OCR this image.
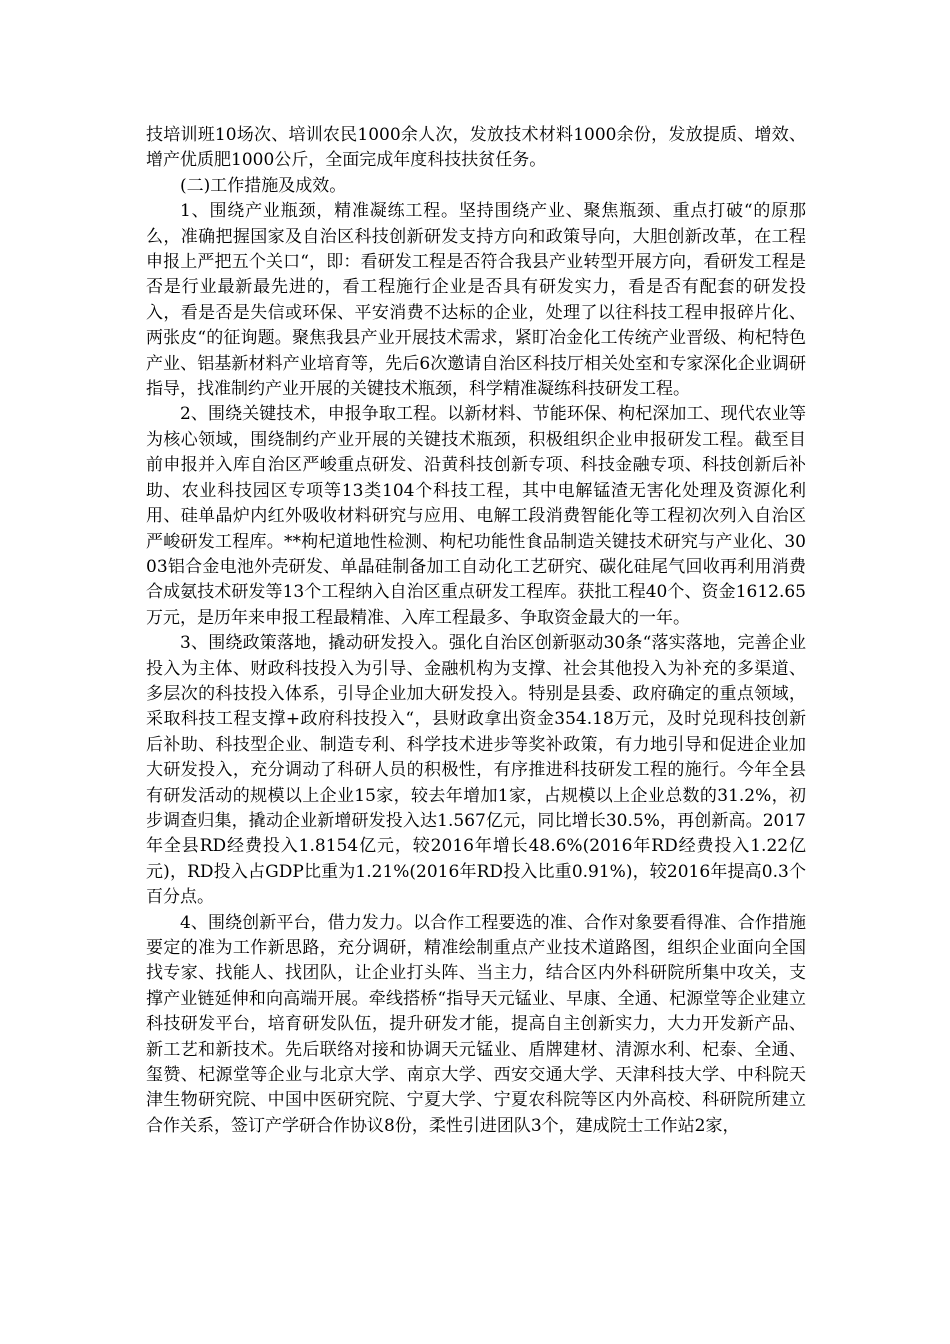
技培训班10场次、培训农民1000余人次，发放技术材料1000余份，发放提质、增效、增产优质肥1000公斤，全面完成年度科技扶贫任务。

(二)工作措施及成效。

1、围绕产业瓶颈，精准凝练工程。坚持围绕产业、聚焦瓶颈、重点打破“的原那么，准确把握国家及自治区科技创新研发支持方向和政策导向，大胆创新改革，在工程申报上严把五个关口“，即：看研发工程是否符合我县产业转型开展方向，看研发工程是否是行业最新最先进的，看工程施行企业是否具有研发实力，看是否有配套的研发投入，看是否是失信或环保、平安消费不达标的企业，处理了以往科技工程申报碎片化、两张皮“的征询题。聚焦我县产业开展技术需求，紧盯冶金化工传统产业晋级、枸杞特色产业、铝基新材料产业培育等，先后6次邀请自治区科技厅相关处室和专家深化企业调研指导，找准制约产业开展的关键技术瓶颈，科学精准凝练科技研发工程。

2、围绕关键技术，申报争取工程。以新材料、节能环保、枸杞深加工、现代农业等为核心领域，围绕制约产业开展的关键技术瓶颈，积极组织企业申报研发工程。截至目前申报并入库自治区严峻重点研发、沿黄科技创新专项、科技金融专项、科技创新后补助、农业科技园区专项等13类104个科技工程，其中电解锰渣无害化处理及资源化利用、硅单晶炉内红外吸收材料研究与应用、电解工段消费智能化等工程初次列入自治区严峻研发工程库。**枸杞道地性检测、枸杞功能性食品制造关键技术研究与产业化、3003铝合金电池外壳研发、单晶硅制备加工自动化工艺研究、碳化硅尾气回收再利用消费合成氨技术研发等13个工程纳入自治区重点研发工程库。获批工程40个、资金1612.65万元，是历年来申报工程最精准、入库工程最多、争取资金最大的一年。

3、围绕政策落地，撬动研发投入。强化自治区创新驱动30条“落实落地，完善企业投入为主体、财政科技投入为引导、金融机构为支撑、社会其他投入为补充的多渠道、多层次的科技投入体系，引导企业加大研发投入。特别是县委、政府确定的重点领域，采取科技工程支撑+政府科技投入“，县财政拿出资金354.18万元，及时兑现科技创新后补助、科技型企业、制造专利、科学技术进步等奖补政策，有力地引导和促进企业加大研发投入，充分调动了科研人员的积极性，有序推进科技研发工程的施行。今年全县有研发活动的规模以上企业15家，较去年增加1家，占规模以上企业总数的31.2%，初步调查归集，撬动企业新增研发投入达1.567亿元，同比增长30.5%，再创新高。2017年全县RD经费投入1.8154亿元，较2016年增长48.6%(2016年RD经费投入1.22亿元)，RD投入占GDP比重为1.21%(2016年RD投入比重0.91%)，较2016年提高0.3个百分点。

4、围绕创新平台，借力发力。以合作工程要选的准、合作对象要看得准、合作措施要定的准为工作新思路，充分调研，精准绘制重点产业技术道路图，组织企业面向全国找专家、找能人、找团队，让企业打头阵、当主力，结合区内外科研院所集中攻关，支撑产业链延伸和向高端开展。牵线搭桥“指导天元锰业、早康、全通、杞源堂等企业建立科技研发平台，培育研发队伍，提升研发才能，提高自主创新实力，大力开发新产品、新工艺和新技术。先后联络对接和协调天元锰业、盾牌建材、清源水利、杞泰、全通、玺赞、杞源堂等企业与北京大学、南京大学、西安交通大学、天津科技大学、中科院天津生物研究院、中国中医研究院、宁夏大学、宁夏农科院等区内外高校、科研院所建立合作关系，签订产学研合作协议8份，柔性引进团队3个，建成院士工作站2家，
